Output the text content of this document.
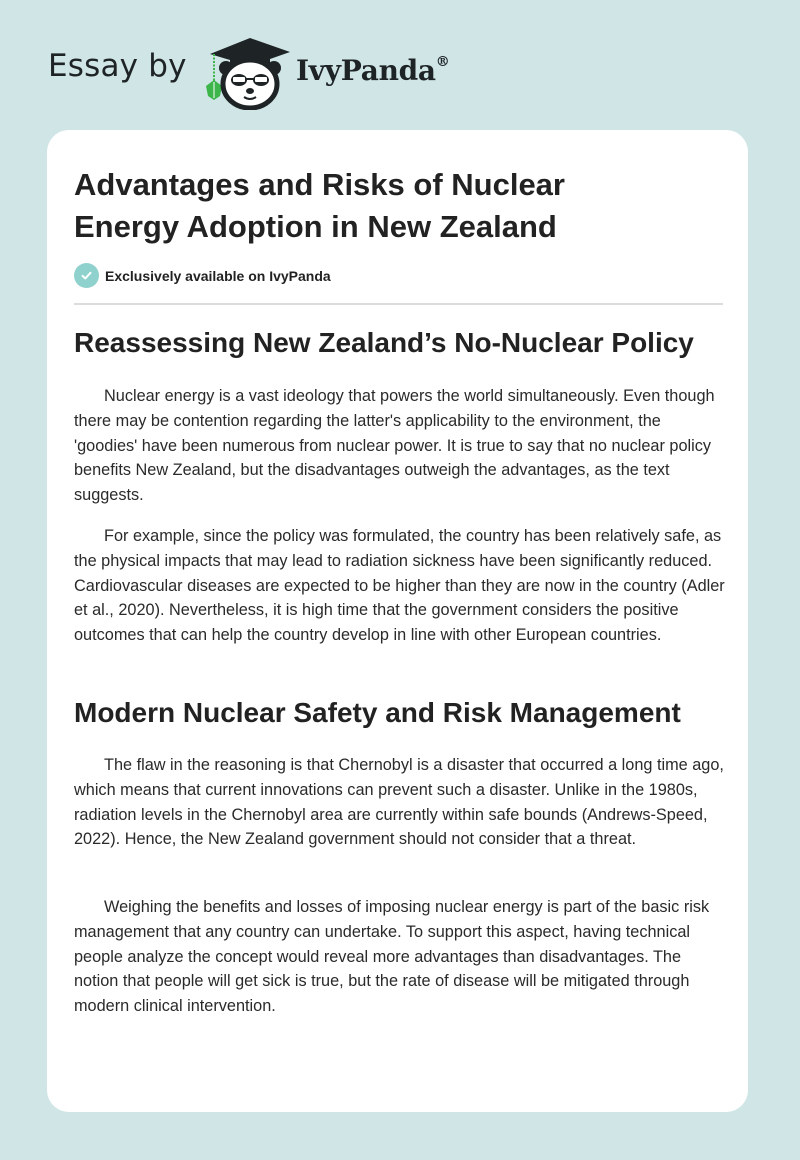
Essay by	IvyPanda®
Advantages and Risks of Nuclear Energy Adoption in New Zealand
Exclusively available on IvyPanda
Reassessing New Zealand’s No-Nuclear Policy

Nuclear energy is a vast ideology that powers the world simultaneously. Even though there may be contention regarding the latter's applicability to the environment, the 'goodies' have been numerous from nuclear power. It is true to say that no nuclear policy benefits New Zealand, but the disadvantages outweigh the advantages, as the text suggests.

For example, since the policy was formulated, the country has been relatively safe, as the physical impacts that may lead to radiation sickness have been significantly reduced. Cardiovascular diseases are expected to be higher than they are now in the country (Adler et al., 2020). Nevertheless, it is high time that the government considers the positive outcomes that can help the country develop in line with other European countries.

Modern Nuclear Safety and Risk Management

The flaw in the reasoning is that Chernobyl is a disaster that occurred a long time ago, which means that current innovations can prevent such a disaster. Unlike in the 1980s, radiation levels in the Chernobyl area are currently within safe bounds (Andrews-Speed, 2022). Hence, the New Zealand government should not consider that a threat.

Weighing the benefits and losses of imposing nuclear energy is part of the basic risk management that any country can undertake. To support this aspect, having technical people analyze the concept would reveal more advantages than disadvantages. The notion that people will get sick is true, but the rate of disease will be mitigated through modern clinical intervention.
